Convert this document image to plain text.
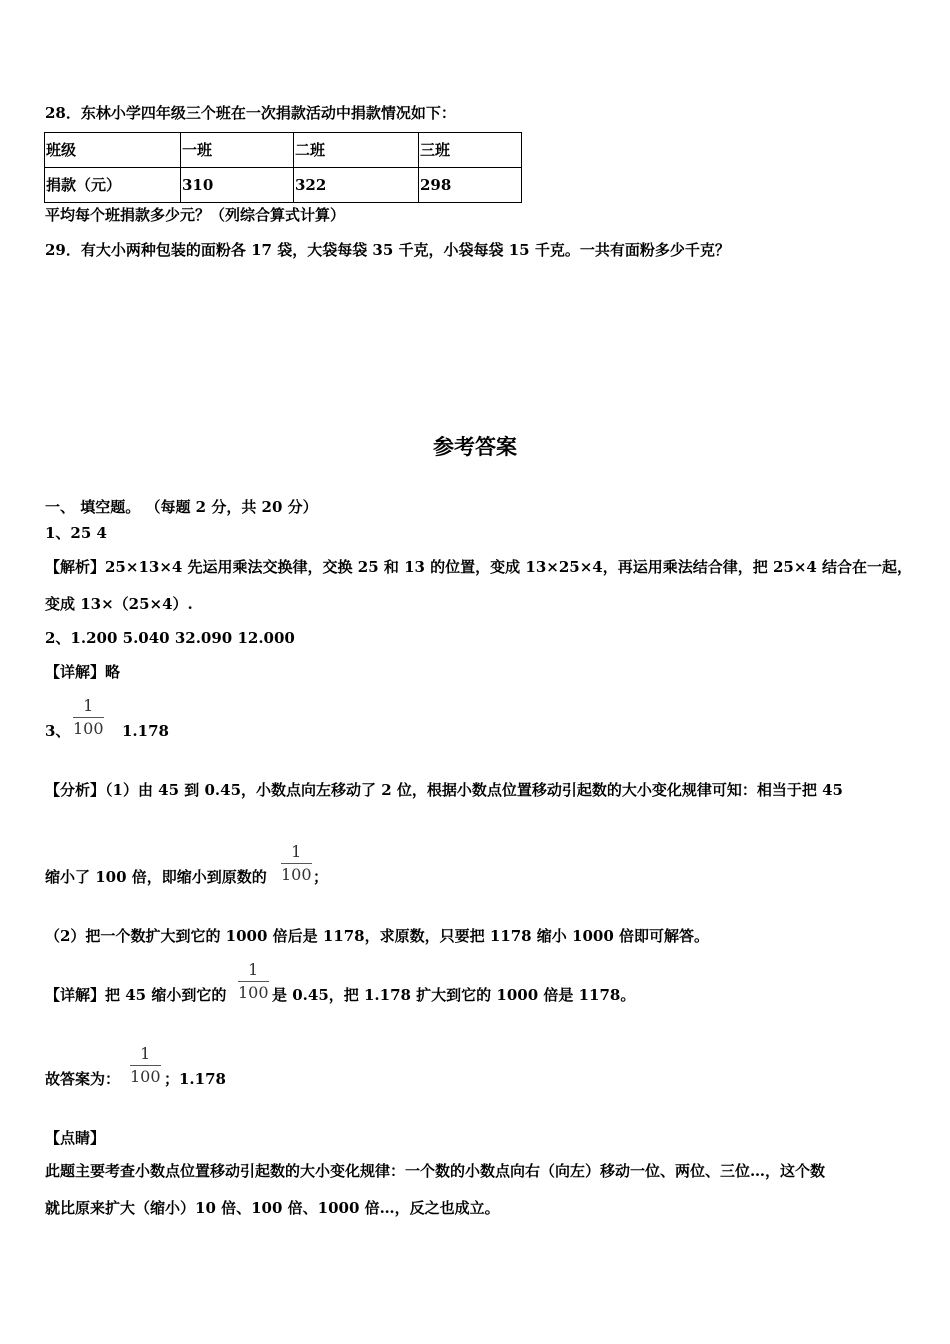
28．东林小学四年级三个班在一次捐款活动中捐款情况如下：
班级	一班	二班	三班
捐款（元）	310	322	298
平均每个班捐款多少元？（列综合算式计算）
29．有大小两种包装的面粉各 17 袋，大袋每袋 35 千克，小袋每袋 15 千克。一共有面粉多少千克？
参考答案
一、 填空题。 （每题 2 分，共 20 分）
1、25 4
【解析】25×13×4 先运用乘法交换律，交换 25 和 13 的位置，变成 13×25×4，再运用乘法结合律，把 25×4 结合在一起，
变成 13×（25×4）.
2、1.200 5.040 32.090 12.000
【详解】略
3、
1
100 1.178
【分析】（1）由 45 到 0.45，小数点向左移动了 2 位，根据小数点位置移动引起数的大小变化规律可知：相当于把 45
缩小了 100 倍，即缩小到原数的
1
100 ；
（2）把一个数扩大到它的 1000 倍后是 1178，求原数，只要把 1178 缩小 1000 倍即可解答。
【详解】把 45 缩小到它的
1
100 是 0.45，把 1.178 扩大到它的 1000 倍是 1178。
故答案为：
1
100 ；1.178
【点睛】
此题主要考查小数点位置移动引起数的大小变化规律：一个数的小数点向右（向左）移动一位、两位、三位…，这个数
就比原来扩大（缩小）10 倍、100 倍、1000 倍…，反之也成立。
